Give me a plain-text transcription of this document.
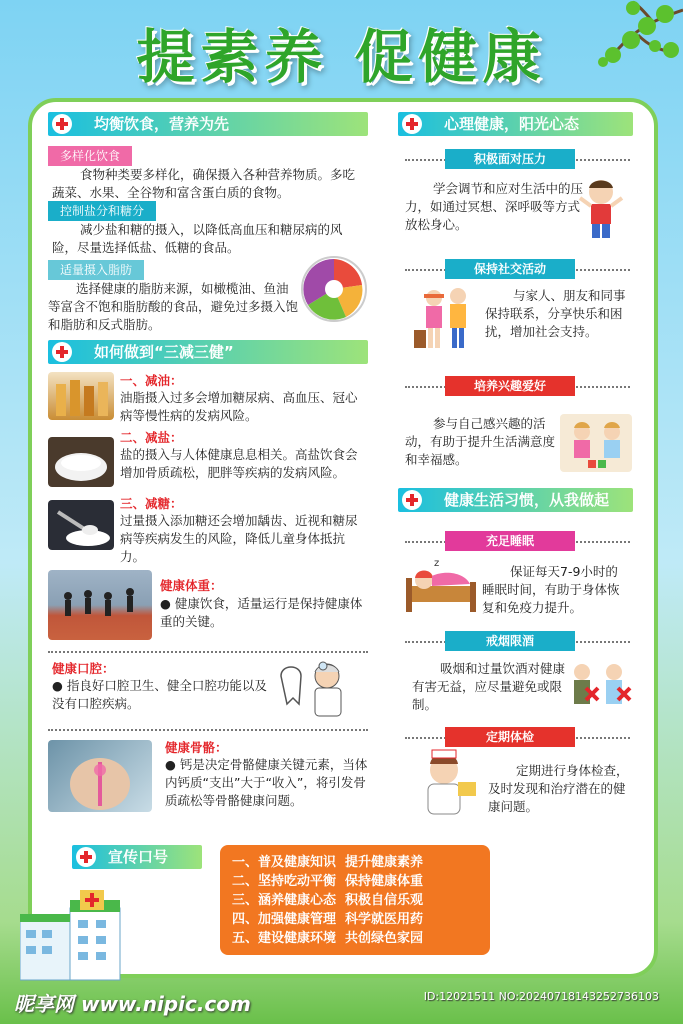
提素养 促健康
均衡饮食，营养为先
多样化饮食
食物种类要多样化，确保摄入各种营养物质。多吃蔬菜、水果、全谷物和富含蛋白质的食物。
控制盐分和糖分
减少盐和糖的摄入，以降低高血压和糖尿病的风险，尽量选择低盐、低糖的食品。
适量摄入脂肪
选择健康的脂肪来源，如橄榄油、鱼油等富含不饱和脂肪酸的食品，避免过多摄入饱和脂肪和反式脂肪。
如何做到“三减三健”
一、减油：
油脂摄入过多会增加糖尿病、高血压、冠心病等慢性病的发病风险。
二、减盐：
盐的摄入与人体健康息息相关。高盐饮食会增加骨质疏松，肥胖等疾病的发病风险。
三、减糖：
过量摄入添加糖还会增加龋齿、近视和糖尿病等疾病发生的风险，降低儿童身体抵抗力。
健康体重：
● 健康饮食，适量运行是保持健康体重的关键。
健康口腔：
● 指良好口腔卫生、健全口腔功能以及没有口腔疾病。
健康骨骼：
● 钙是决定骨骼健康关键元素，当体内钙质“支出”大于“收入”，将引发骨质疏松等骨骼健康问题。
心理健康，阳光心态
积极面对压力
学会调节和应对生活中的压力，如通过冥想、深呼吸等方式放松身心。
保持社交活动
与家人、朋友和同事保持联系，分享快乐和困扰，增加社会支持。
培养兴趣爱好
参与自己感兴趣的活动，有助于提升生活满意度和幸福感。
健康生活习惯，从我做起
充足睡眠
z
保证每天7-9小时的睡眠时间，有助于身体恢复和免疫力提升。
戒烟限酒
吸烟和过量饮酒对健康有害无益，应尽量避免或限制。
定期体检
定期进行身体检查，及时发现和治疗潜在的健康问题。
宣传口号	一、普及健康知识  提升健康素养
二、坚持吃动平衡  保持健康体重
三、涵养健康心态  积极自信乐观
四、加强健康管理  科学就医用药
五、建设健康环境  共创绿色家园
昵享网 www.nipic.com	ID:12021511 NO:20240718143252736103
